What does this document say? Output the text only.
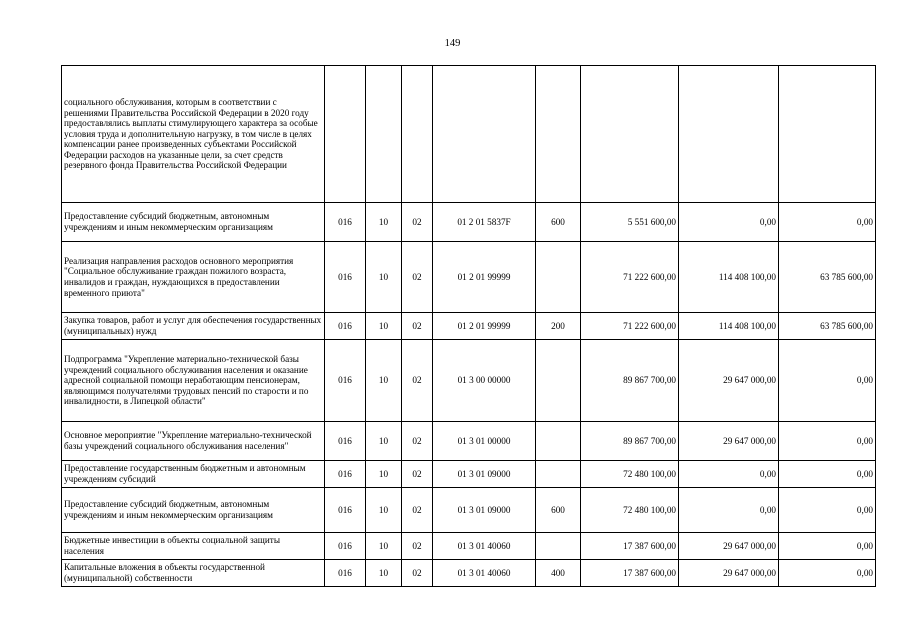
149
социального обслуживания, которым в соответствии с решениями Правительства Российской Федерации в 2020 году предоставлялись выплаты стимулирующего характера за особые условия труда и дополнительную нагрузку, в том числе в целях компенсации ранее произведенных субъектами Российской Федерации расходов на указанные цели, за счет средств резервного фонда Правительства Российской Федерации								
Предоставление субсидий бюджетным, автономным учреждениям и иным некоммерческим организациям	016	10	02	01 2 01 5837F	600	5 551 600,00	0,00	0,00
Реализация направления расходов основного мероприятия "Социальное обслуживание граждан пожилого возраста, инвалидов и граждан, нуждающихся в предоставлении временного приюта"	016	10	02	01 2 01 99999		71 222 600,00	114 408 100,00	63 785 600,00
Закупка товаров, работ и услуг для обеспечения государственных (муниципальных) нужд	016	10	02	01 2 01 99999	200	71 222 600,00	114 408 100,00	63 785 600,00
Подпрограмма "Укрепление материально-технической базы учреждений социального обслуживания населения и оказание адресной социальной помощи неработающим пенсионерам, являющимся получателями трудовых пенсий по старости и по инвалидности, в Липецкой области"	016	10	02	01 3 00 00000		89 867 700,00	29 647 000,00	0,00
Основное мероприятие "Укрепление материально-технической базы учреждений социального обслуживания населения"	016	10	02	01 3 01 00000		89 867 700,00	29 647 000,00	0,00
Предоставление государственным бюджетным и автономным учреждениям субсидий	016	10	02	01 3 01 09000		72 480 100,00	0,00	0,00
Предоставление субсидий бюджетным, автономным учреждениям и иным некоммерческим организациям	016	10	02	01 3 01 09000	600	72 480 100,00	0,00	0,00
Бюджетные инвестиции в объекты социальной защиты населения	016	10	02	01 3 01 40060		17 387 600,00	29 647 000,00	0,00
Капитальные вложения в объекты государственной (муниципальной) собственности	016	10	02	01 3 01 40060	400	17 387 600,00	29 647 000,00	0,00
